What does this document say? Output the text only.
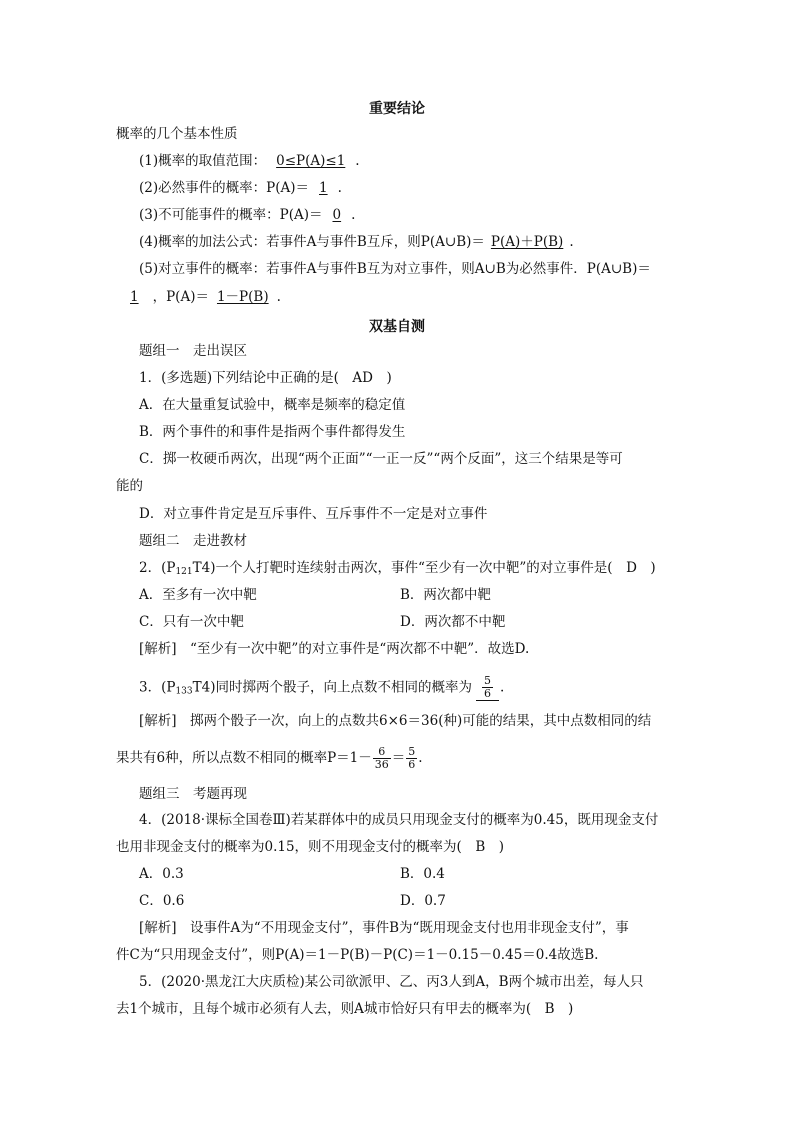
重要结论
概率的几个基本性质
(1)概率的取值范围： 0≤P(A)≤1 .
(2)必然事件的概率：P(A)＝ 1 .
(3)不可能事件的概率：P(A)＝ 0 .
(4)概率的加法公式：若事件A与事件B互斥，则P(A∪B)＝ P(A)＋P(B) .
(5)对立事件的概率：若事件A与事件B互为对立事件，则A∪B为必然事件．P(A∪B)＝
1 ，P(A)＝ 1－P(B) .
双基自测
题组一　走出误区
1．(多选题)下列结论中正确的是(　AD　)
A．在大量重复试验中，概率是频率的稳定值
B．两个事件的和事件是指两个事件都得发生
C．掷一枚硬币两次，出现“两个正面”“一正一反”“两个反面”，这三个结果是等可
能的
D．对立事件肯定是互斥事件、互斥事件不一定是对立事件
题组二　走进教材
2．$(P_{121}T4)$一个人打靶时连续射击两次，事件“至少有一次中靶”的对立事件是(　D　)
A．至多有一次中靶	B．两次都中靶
C．只有一次中靶	D．两次都不中靶
[解析]　“至少有一次中靶”的对立事件是“两次都不中靶”．故选D.
3．$(P_{133}T4)$同时掷两个骰子，向上点数不相同的概率为 $\frac{5}{6}$ .
[解析]　掷两个骰子一次，向上的点数共6×6＝36(种)可能的结果，其中点数相同的结
果共有6种，所以点数不相同的概率$P=1- \frac{6}{36} = \frac{5}{6}$ .
题组三　考题再现
4．(2018·课标全国卷Ⅲ)若某群体中的成员只用现金支付的概率为0.45，既用现金支付
也用非现金支付的概率为0.15，则不用现金支付的概率为(　B　)
A．0.3	B．0.4
C．0.6	D．0.7
[解析]　设事件A为“不用现金支付”，事件B为“既用现金支付也用非现金支付”，事
件C为“只用现金支付”，则P(A)＝1－P(B)－P(C)＝1－0.15－0.45＝0.4故选B.
5．(2020·黑龙江大庆质检)某公司欲派甲、乙、丙3人到A，B两个城市出差，每人只
去1个城市，且每个城市必须有人去，则A城市恰好只有甲去的概率为(　B　)
